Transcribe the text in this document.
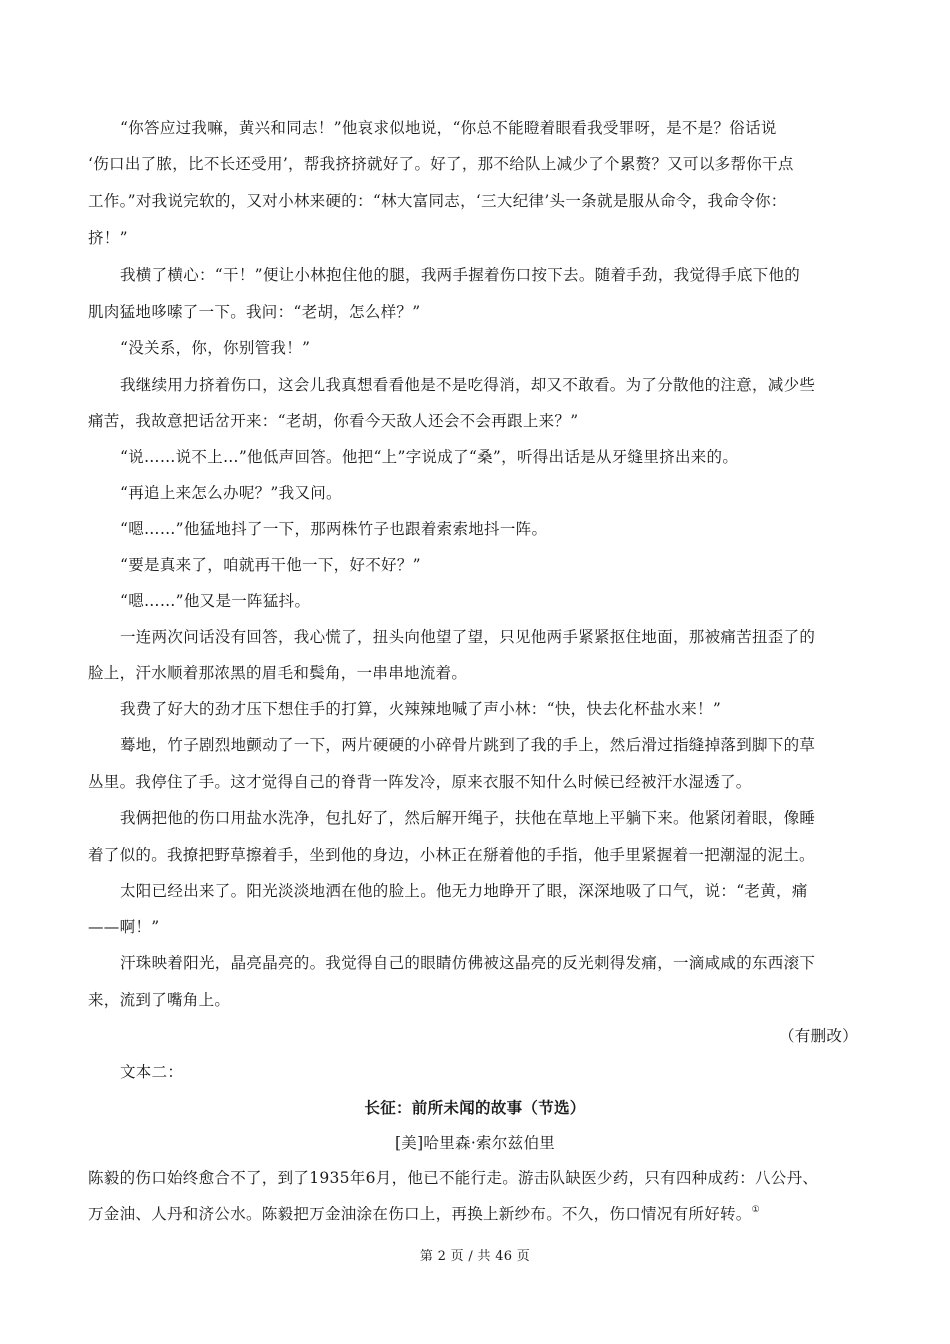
“你答应过我嘛，黄兴和同志！”他哀求似地说，“你总不能瞪着眼看我受罪呀，是不是？俗话说
‘伤口出了脓，比不长还受用’，帮我挤挤就好了。好了，那不给队上减少了个累赘？又可以多帮你干点
工作。”对我说完软的，又对小林来硬的：“林大富同志，‘三大纪律’头一条就是服从命令，我命令你：
挤！”
我横了横心：“干！”便让小林抱住他的腿，我两手握着伤口按下去。随着手劲，我觉得手底下他的
肌肉猛地哆嗦了一下。我问：“老胡，怎么样？”
“没关系，你，你别管我！”
我继续用力挤着伤口，这会儿我真想看看他是不是吃得消，却又不敢看。为了分散他的注意，减少些
痛苦，我故意把话岔开来：“老胡，你看今天敌人还会不会再跟上来？”
“说……说不上…”他低声回答。他把“上”字说成了“桑”，听得出话是从牙缝里挤出来的。
“再追上来怎么办呢？”我又问。
“嗯……”他猛地抖了一下，那两株竹子也跟着索索地抖一阵。
“要是真来了，咱就再干他一下，好不好？”
“嗯……”他又是一阵猛抖。
一连两次问话没有回答，我心慌了，扭头向他望了望，只见他两手紧紧抠住地面，那被痛苦扭歪了的
脸上，汗水顺着那浓黑的眉毛和鬓角，一串串地流着。
我费了好大的劲才压下想住手的打算，火辣辣地喊了声小林：“快，快去化杯盐水来！”
蓦地，竹子剧烈地颤动了一下，两片硬硬的小碎骨片跳到了我的手上，然后滑过指缝掉落到脚下的草
丛里。我停住了手。这才觉得自己的脊背一阵发冷，原来衣服不知什么时候已经被汗水湿透了。
我俩把他的伤口用盐水洗净，包扎好了，然后解开绳子，扶他在草地上平躺下来。他紧闭着眼，像睡
着了似的。我撩把野草擦着手，坐到他的身边，小林正在掰着他的手指，他手里紧握着一把潮湿的泥土。
太阳已经出来了。阳光淡淡地洒在他的脸上。他无力地睁开了眼，深深地吸了口气，说：“老黄，痛
——啊！”
汗珠映着阳光，晶亮晶亮的。我觉得自己的眼睛仿佛被这晶亮的反光刺得发痛，一滴咸咸的东西滚下
来，流到了嘴角上。
（有删改）
文本二：
长征：前所未闻的故事（节选）
[美]哈里森·索尔兹伯里
陈毅的伤口始终愈合不了，到了1935年6月，他已不能行走。游击队缺医少药，只有四种成药：八公丹、
万金油、人丹和济公水。陈毅把万金油涂在伤口上，再换上新纱布。不久，伤口情况有所好转。①
第 2 页 / 共 46 页
